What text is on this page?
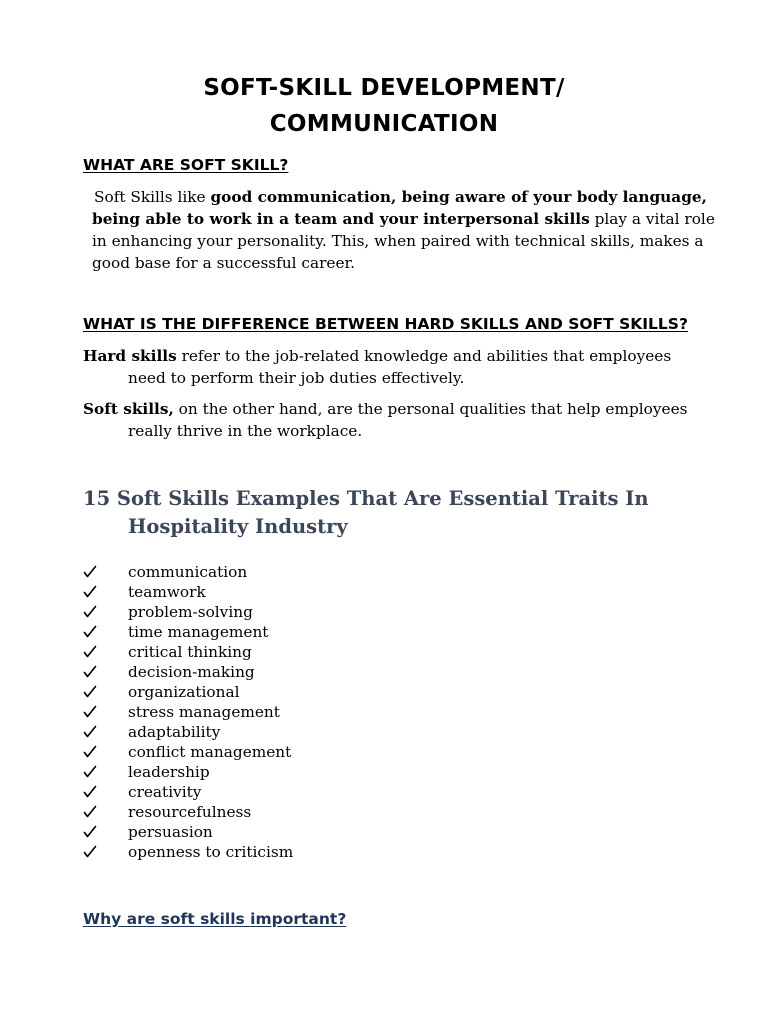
SOFT-SKILL DEVELOPMENT/
COMMUNICATION
WHAT ARE SOFT SKILL?
Soft Skills like good communication, being aware of your body language,
being able to work in a team and your interpersonal skills play a vital role
in enhancing your personality. This, when paired with technical skills, makes a
good base for a successful career.
WHAT IS THE DIFFERENCE BETWEEN HARD SKILLS AND SOFT SKILLS?
Hard skills refer to the job-related knowledge and abilities that employees
need to perform their job duties effectively.
Soft skills, on the other hand, are the personal qualities that help employees
really thrive in the workplace.
15 Soft Skills Examples That Are Essential Traits In
Hospitality Industry
communication
teamwork
problem-solving
time management
critical thinking
decision-making
organizational
stress management
adaptability
conflict management
leadership
creativity
resourcefulness
persuasion
openness to criticism
Why are soft skills important?
